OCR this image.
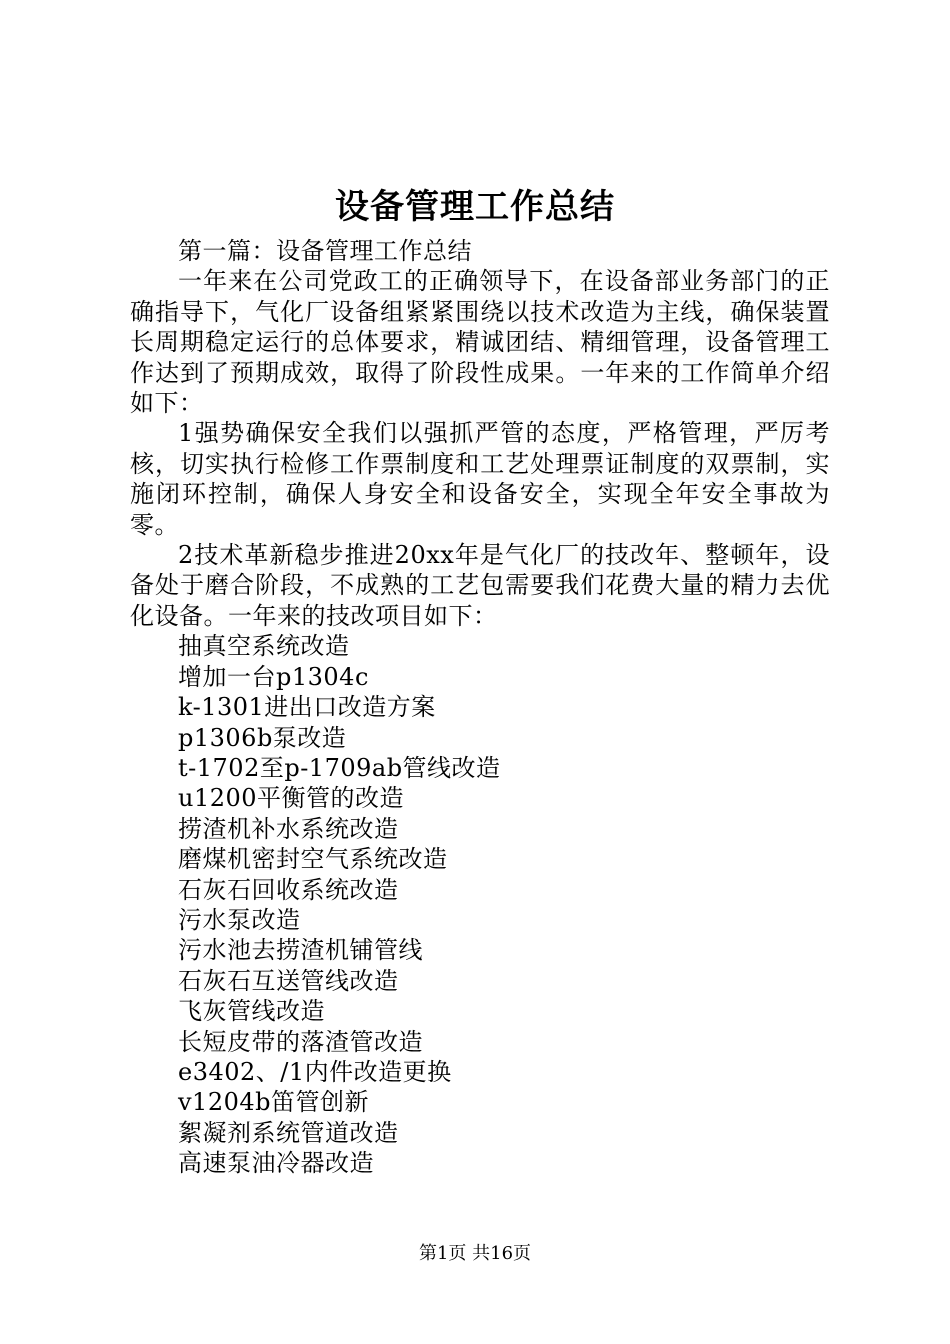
设备管理工作总结

第一篇：设备管理工作总结

一年来在公司党政工的正确领导下，在设备部业务部门的正确指导下，气化厂设备组紧紧围绕以技术改造为主线，确保装置长周期稳定运行的总体要求，精诚团结、精细管理，设备管理工作达到了预期成效，取得了阶段性成果。一年来的工作简单介绍如下：

1强势确保安全我们以强抓严管的态度，严格管理，严厉考核，切实执行检修工作票制度和工艺处理票证制度的双票制，实施闭环控制，确保人身安全和设备安全，实现全年安全事故为零。

2技术革新稳步推进20xx年是气化厂的技改年、整顿年，设备处于磨合阶段，不成熟的工艺包需要我们花费大量的精力去优化设备。一年来的技改项目如下：

抽真空系统改造
增加一台p1304c
k-1301进出口改造方案
p1306b泵改造
t-1702至p-1709ab管线改造
u1200平衡管的改造
捞渣机补水系统改造
磨煤机密封空气系统改造
石灰石回收系统改造
污水泵改造
污水池去捞渣机铺管线
石灰石互送管线改造
飞灰管线改造
长短皮带的落渣管改造
e3402、/1内件改造更换
v1204b笛管创新
絮凝剂系统管道改造
高速泵油冷器改造
第1页 共16页
